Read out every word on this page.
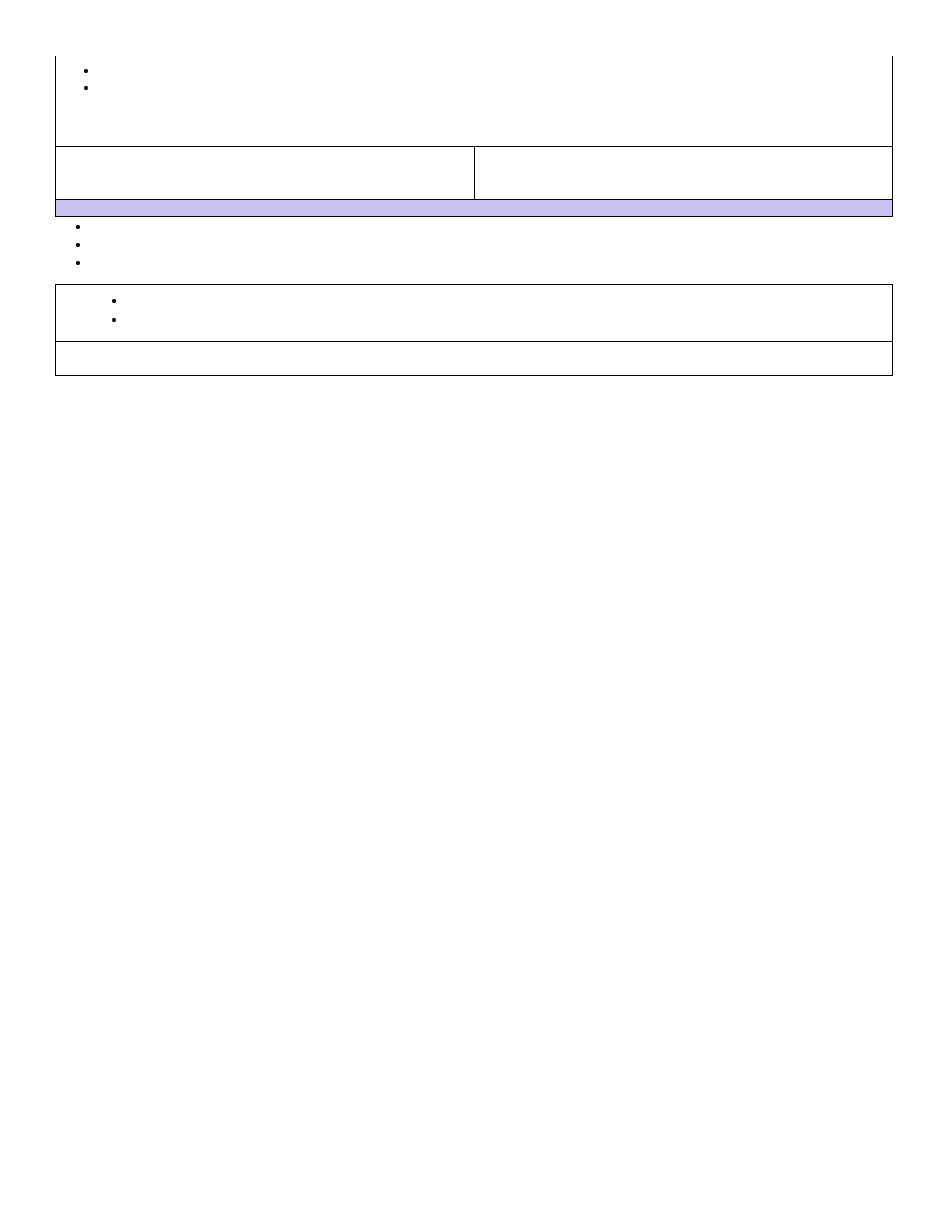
•
•

•
•
•
•
•
